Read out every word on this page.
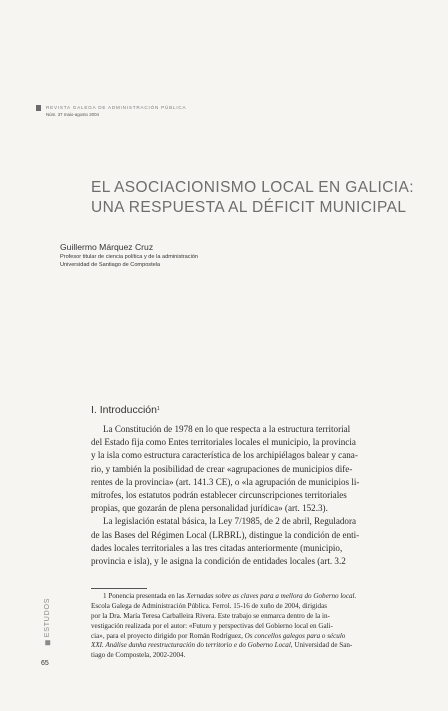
REVISTA GALEGA DE ADMINISTRACIÓN PÚBLICA
Núm. 37 maio-agosto 2004
EL ASOCIACIONISMO LOCAL EN GALICIA:
UNA RESPUESTA AL DÉFICIT MUNICIPAL
Guillermo Márquez Cruz
Profesor titular de ciencia política y de la administración
Universidad de Santiago de Compostela
I. Introducción$^1$
La Constitución de 1978 en lo que respecta a la estructura territorial
del Estado fija como Entes territoriales locales el municipio, la provincia
y la isla como estructura característica de los archipiélagos balear y cana-
rio, y también la posibilidad de crear «agrupaciones de municipios dife-
rentes de la provincia» (art. 141.3 CE), o «la agrupación de municipios li-
mítrofes, los estatutos podrán establecer circunscripciones territoriales
propias, que gozarán de plena personalidad jurídica» (art. 152.3).
La legislación estatal básica, la Ley 7/1985, de 2 de abril, Reguladora
de las Bases del Régimen Local (LRBRL), distingue la condición de enti-
dades locales territoriales a las tres citadas anteriormente (municipio,
provincia e isla), y le asigna la condición de entidades locales (art. 3.2
1 Ponencia presentada en las Xernadas sobre as claves para a mellora do Goberno local.
Escola Galega de Administración Pública. Ferrol. 15-16 de xuño de 2004, dirigidas
por la Dra. María Teresa Carballeira Rivera. Este trabajo se enmarca dentro de la in-
vestigación realizada por el autor: «Futuro y perspectivas del Gobierno local en Gali-
cia», para el proyecto dirigido por Román Rodríguez, Os concellos galegos para o século
XXI. Análise dunha reestructuración do territorio e do Goberno Local, Universidad de San-
tiago de Compostela, 2002-2004.
ESTUDOS
65
